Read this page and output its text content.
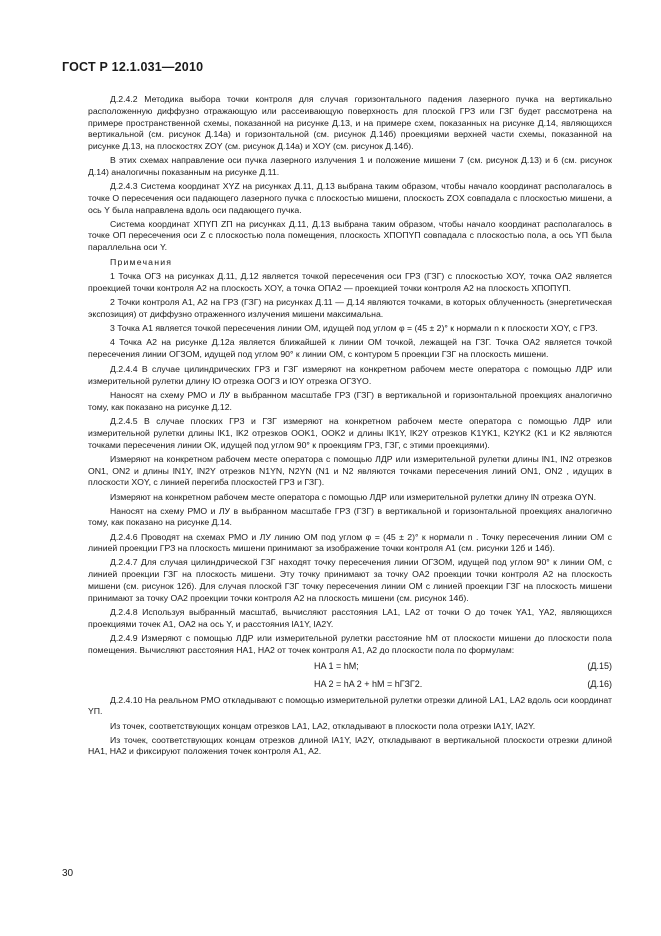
ГОСТ Р 12.1.031—2010

Д.2.4.2 Методика выбора точки контроля для случая горизонтального падения лазерного пучка на вертикально расположенную диффузно отражающую или рассеивающую поверхность для плоской ГРЗ или ГЗГ будет рассмотрена на примере пространственной схемы, показанной на рисунке Д.13, и на примере схем, показанных на рисунке Д.14, являющихся вертикальной (см. рисунок Д.14а) и горизонтальной (см. рисунок Д.14б) проекциями верхней части схемы, показанной на рисунке Д.13, на плоскостях ZOY (см. рисунок Д.14а) и XOY (см. рисунок Д.14б).

В этих схемах направление оси пучка лазерного излучения 1 и положение мишени 7 (см. рисунок Д.13) и 6 (см. рисунок Д.14) аналогичны показанным на рисунке Д.11.

Д.2.4.3 Система координат XYZ на рисунках Д.11, Д.13 выбрана таким образом, чтобы начало координат располагалось в точке O пересечения оси падающего лазерного пучка с плоскостью мишени, плоскость ZOX совпадала с плоскостью мишени, а ось Y была направлена вдоль оси падающего пучка.

Система координат XПYП ZП на рисунках Д.11, Д.13 выбрана таким образом, чтобы начало координат располагалось в точке OП пересечения оси Z с плоскостью пола помещения, плоскость XПOПYП совпадала с плоскостью пола, а ось YП была параллельна оси Y.

Примечания

1 Точка OГЗ на рисунках Д.11, Д.12 является точкой пересечения оси ГРЗ (ГЗГ) с плоскостью XOY, точка OA2 является проекцией точки контроля A2 на плоскость XOY, а точка OПА2 — проекцией точки контроля A2 на плоскость XПOПYП.

2 Точки контроля A1, A2 на ГРЗ (ГЗГ) на рисунках Д.11 — Д.14 являются точками, в которых облученность (энергетическая экспозиция) от диффузно отраженного излучения мишени максимальна.

3 Точка A1 является точкой пересечения линии ОМ, идущей под углом φ = (45 ± 2)° к нормали n к плоскости XOY, с ГРЗ.

4 Точка A2 на рисунке Д.12а является ближайшей к линии ОМ точкой, лежащей на ГЗГ. Точка OA2 является точкой пересечения линии OГЗOМ, идущей под углом 90° к линии ОМ, с контуром 5 проекции ГЗГ на плоскость мишени.

Д.2.4.4 В случае цилиндрических ГРЗ и ГЗГ измеряют на конкретном рабочем месте оператора с помощью ЛДР или измерительной рулетки длину lO отрезка OOГЗ и lOY отрезка OГЗYO.

Наносят на схему РМО и ЛУ в выбранном масштабе ГРЗ (ГЗГ) в вертикальной и горизонтальной проекциях аналогично тому, как показано на рисунке Д.12.

Д.2.4.5 В случае плоских ГРЗ и ГЗГ измеряют на конкретном рабочем месте оператора с помощью ЛДР или измерительной рулетки длины lK1, lK2 отрезков OOK1, OOK2 и длины lK1Y, lK2Y отрезков K1YK1, K2YK2 (K1 и K2 являются точками пересечения линии ОК, идущей под углом 90° к проекциям ГРЗ, ГЗГ, с этими проекциями).

Измеряют на конкретном рабочем месте оператора с помощью ЛДР или измерительной рулетки длины lN1, lN2 отрезков ON1, ON2 и длины lN1Y, lN2Y отрезков N1YN, N2YN (N1 и N2 являются точками пересечения линий ON1, ON2 , идущих в плоскости XOY, с линией перегиба плоскостей ГРЗ и ГЗГ).

Измеряют на конкретном рабочем месте оператора с помощью ЛДР или измерительной рулетки длину lN отрезка OYN.

Наносят на схему РМО и ЛУ в выбранном масштабе ГРЗ (ГЗГ) в вертикальной и горизонтальной проекциях аналогично тому, как показано на рисунке Д.14.

Д.2.4.6 Проводят на схемах РМО и ЛУ линию ОМ под углом φ = (45 ± 2)° к нормали n . Точку пересечения линии ОМ с линией проекции ГРЗ на плоскость мишени принимают за изображение точки контроля A1 (см. рисунки 12б и 14б).

Д.2.4.7 Для случая цилиндрической ГЗГ находят точку пересечения линии OГЗOМ, идущей под углом 90° к линии ОМ, с линией проекции ГЗГ на плоскость мишени. Эту точку принимают за точку OA2 проекции точки контроля A2 на плоскость мишени (см. рисунок 12б). Для случая плоской ГЗГ точку пересечения линии ОМ с линией проекции ГЗГ на плоскость мишени принимают за точку OA2 проекции точки контроля A2 на плоскость мишени (см. рисунок 14б).

Д.2.4.8 Используя выбранный масштаб, вычисляют расстояния LA1, LA2 от точки O до точек YA1, YA2, являющихся проекциями точек A1, OA2 на ось Y, и расстояния lA1Y, lA2Y.

Д.2.4.9 Измеряют с помощью ЛДР или измерительной рулетки расстояние hМ от плоскости мишени до плоскости пола помещения. Вычисляют расстояния HA1, HA2 от точек контроля A1, A2 до плоскости пола по формулам:

HA 1 = hМ;	(Д.15)
HA 2 = hA 2 + hМ = hГЗГ2.	(Д.16)

Д.2.4.10 На реальном РМО откладывают с помощью измерительной рулетки отрезки длиной LA1, LA2 вдоль оси координат YП.

Из точек, соответствующих концам отрезков LA1, LA2, откладывают в плоскости пола отрезки lA1Y, lA2Y.

Из точек, соответствующих концам отрезков длиной lA1Y, lA2Y, откладывают в вертикальной плоскости отрезки длиной HA1, HA2 и фиксируют положения точек контроля A1, A2.

30
